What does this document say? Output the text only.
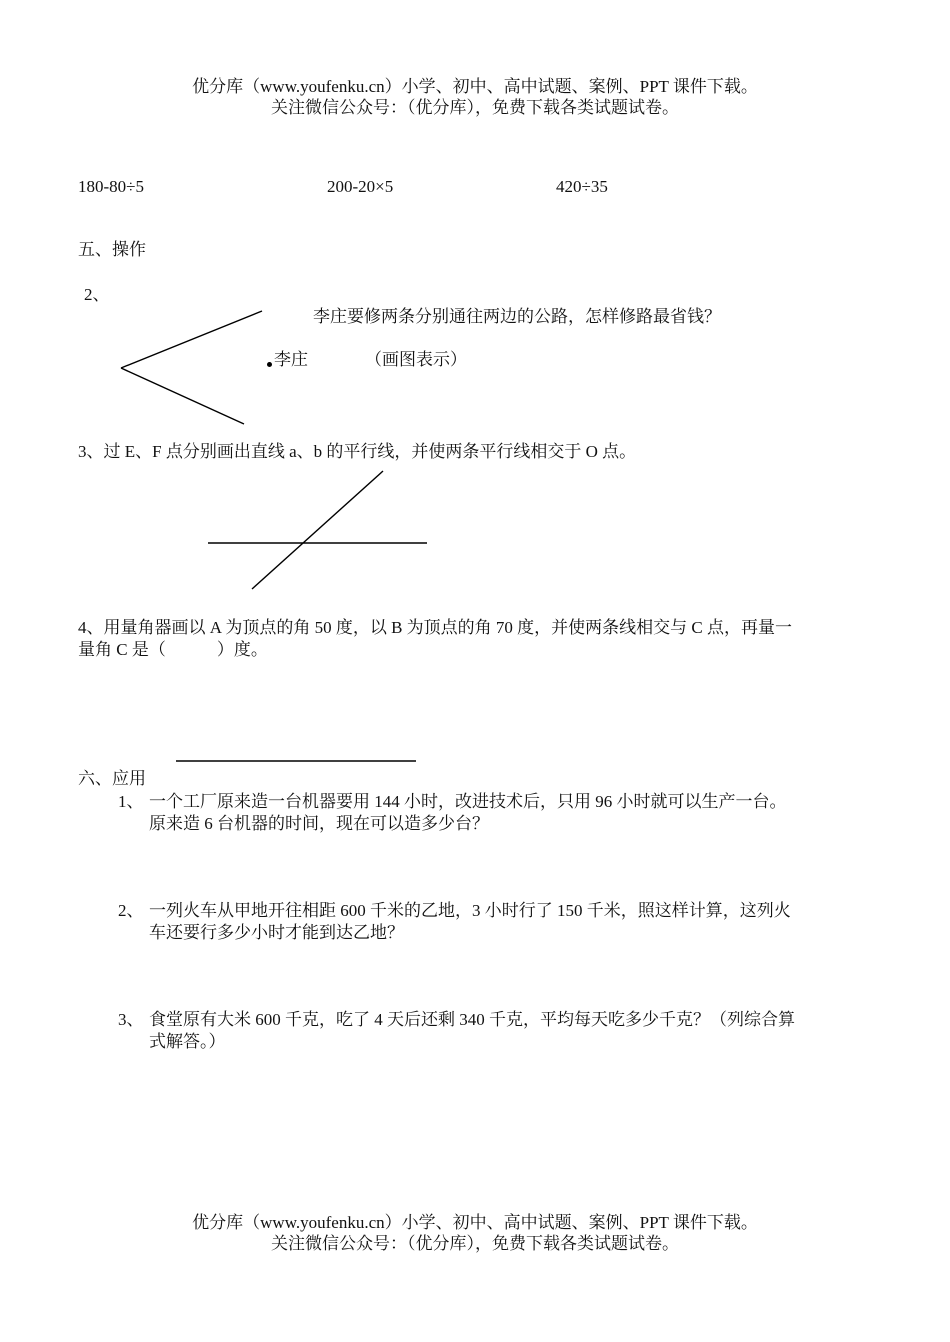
优分库（www.youfenku.cn）小学、初中、高中试题、案例、PPT 课件下载。
关注微信公众号：（优分库），免费下载各类试题试卷。
180-80÷5	200-20×5	420÷35
五、操作
2、
李庄要修两条分别通往两边的公路，怎样修路最省钱？
李庄	（画图表示）
3、过 E、F 点分别画出直线 a、b 的平行线，并使两条平行线相交于 O 点。
4、用量角器画以 A 为顶点的角 50 度，以 B 为顶点的角 70 度，并使两条线相交与 C 点，再量一
量角 C 是（　　　）度。
六、应用
1、 一个工厂原来造一台机器要用 144 小时，改进技术后，只用 96 小时就可以生产一台。
原来造 6 台机器的时间，现在可以造多少台？
2、 一列火车从甲地开往相距 600 千米的乙地，3 小时行了 150 千米，照这样计算，这列火
车还要行多少小时才能到达乙地？
3、 食堂原有大米 600 千克，吃了 4 天后还剩 340 千克，平均每天吃多少千克？（列综合算
式解答。）
优分库（www.youfenku.cn）小学、初中、高中试题、案例、PPT 课件下载。
关注微信公众号：（优分库），免费下载各类试题试卷。
